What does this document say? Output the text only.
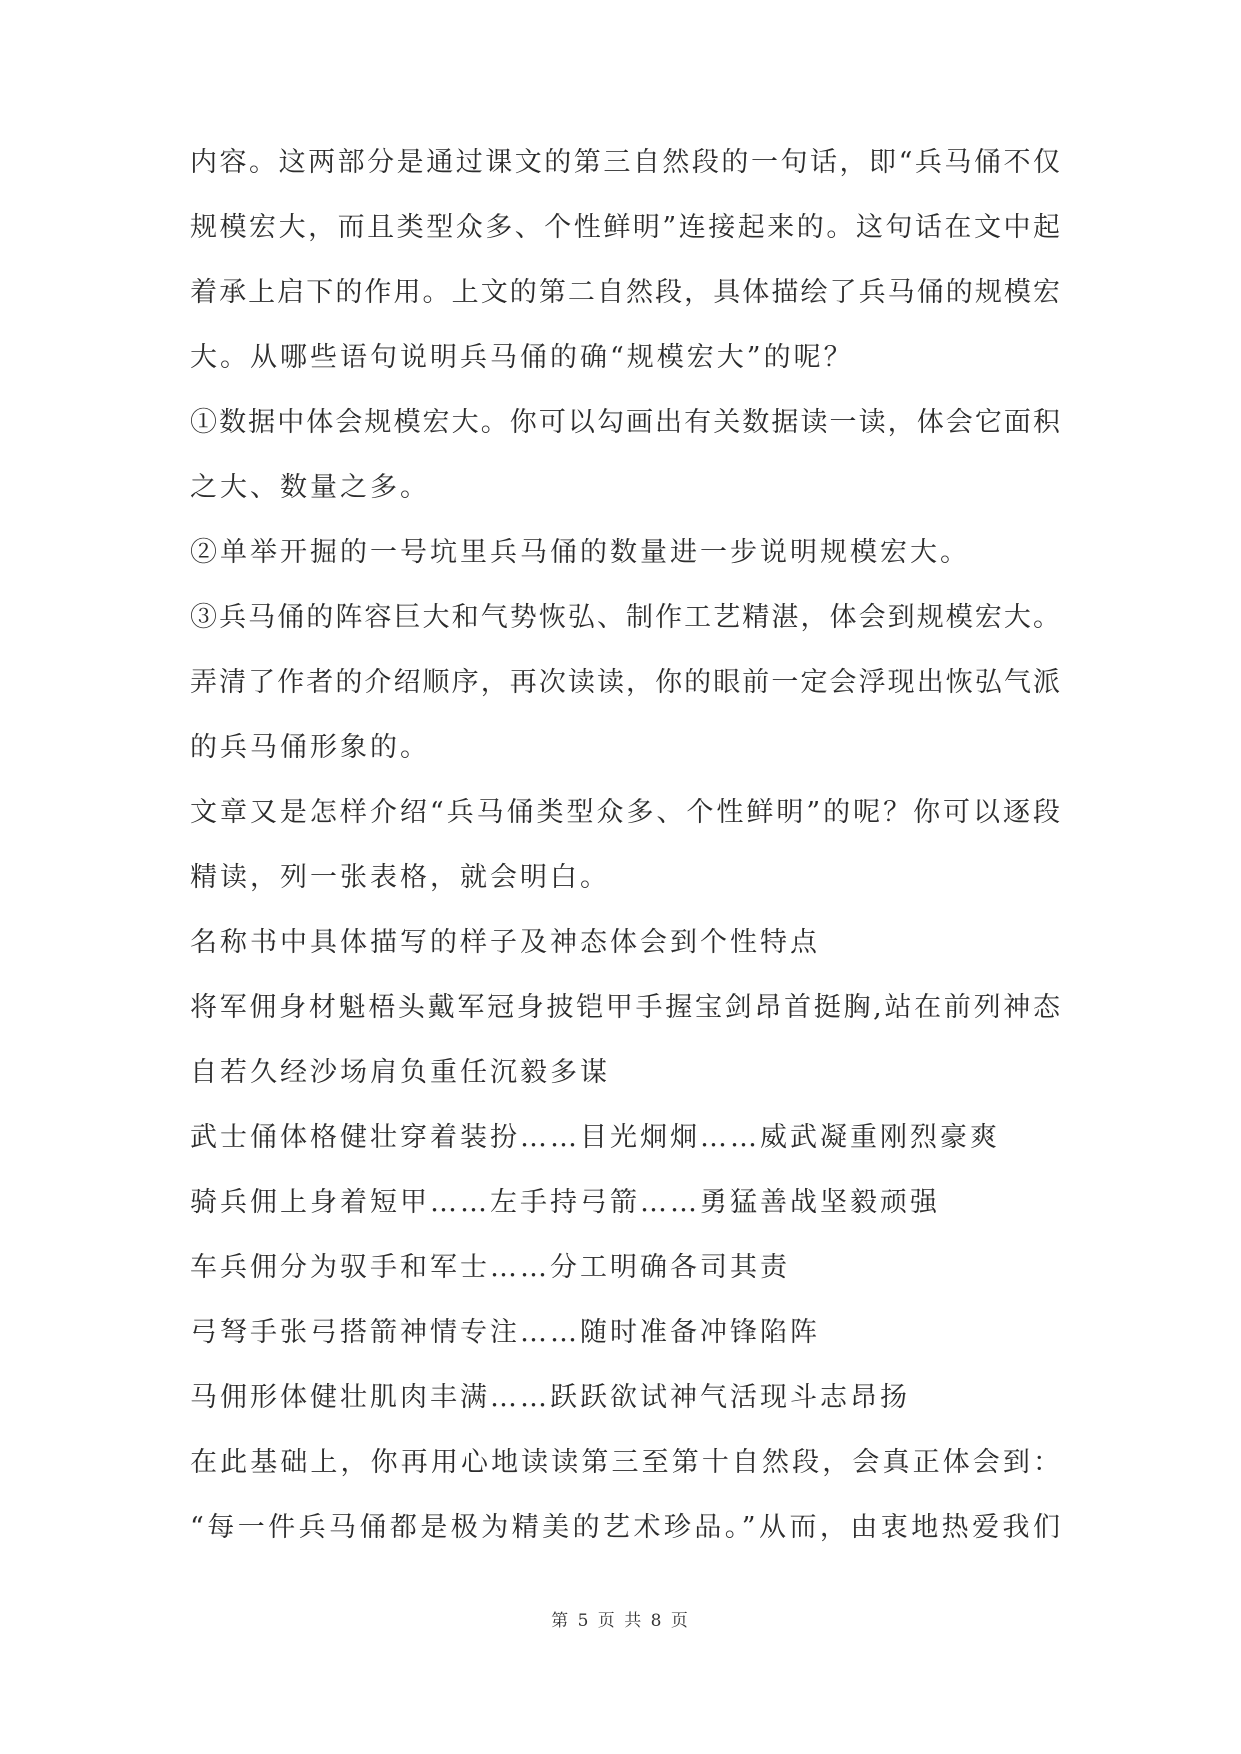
内容。这两部分是通过课文的第三自然段的一句话，即“兵马俑不仅
规模宏大，而且类型众多、个性鲜明”连接起来的。这句话在文中起
着承上启下的作用。上文的第二自然段，具体描绘了兵马俑的规模宏
大。从哪些语句说明兵马俑的确“规模宏大”的呢？
①数据中体会规模宏大。你可以勾画出有关数据读一读，体会它面积
之大、数量之多。
②单举开掘的一号坑里兵马俑的数量进一步说明规模宏大。
③兵马俑的阵容巨大和气势恢弘、制作工艺精湛，体会到规模宏大。
弄清了作者的介绍顺序，再次读读，你的眼前一定会浮现出恢弘气派
的兵马俑形象的。
文章又是怎样介绍“兵马俑类型众多、个性鲜明”的呢？你可以逐段
精读，列一张表格，就会明白。
名称书中具体描写的样子及神态体会到个性特点
将军佣身材魁梧头戴军冠身披铠甲手握宝剑昂首挺胸,站在前列神态
自若久经沙场肩负重任沉毅多谋
武士俑体格健壮穿着装扮……目光炯炯……威武凝重刚烈豪爽
骑兵佣上身着短甲……左手持弓箭……勇猛善战坚毅顽强
车兵佣分为驭手和军士……分工明确各司其责
弓弩手张弓搭箭神情专注……随时准备冲锋陷阵
马佣形体健壮肌肉丰满……跃跃欲试神气活现斗志昂扬
在此基础上，你再用心地读读第三至第十自然段，会真正体会到：
“每一件兵马俑都是极为精美的艺术珍品。”从而，由衷地热爱我们
第 5 页 共 8 页
